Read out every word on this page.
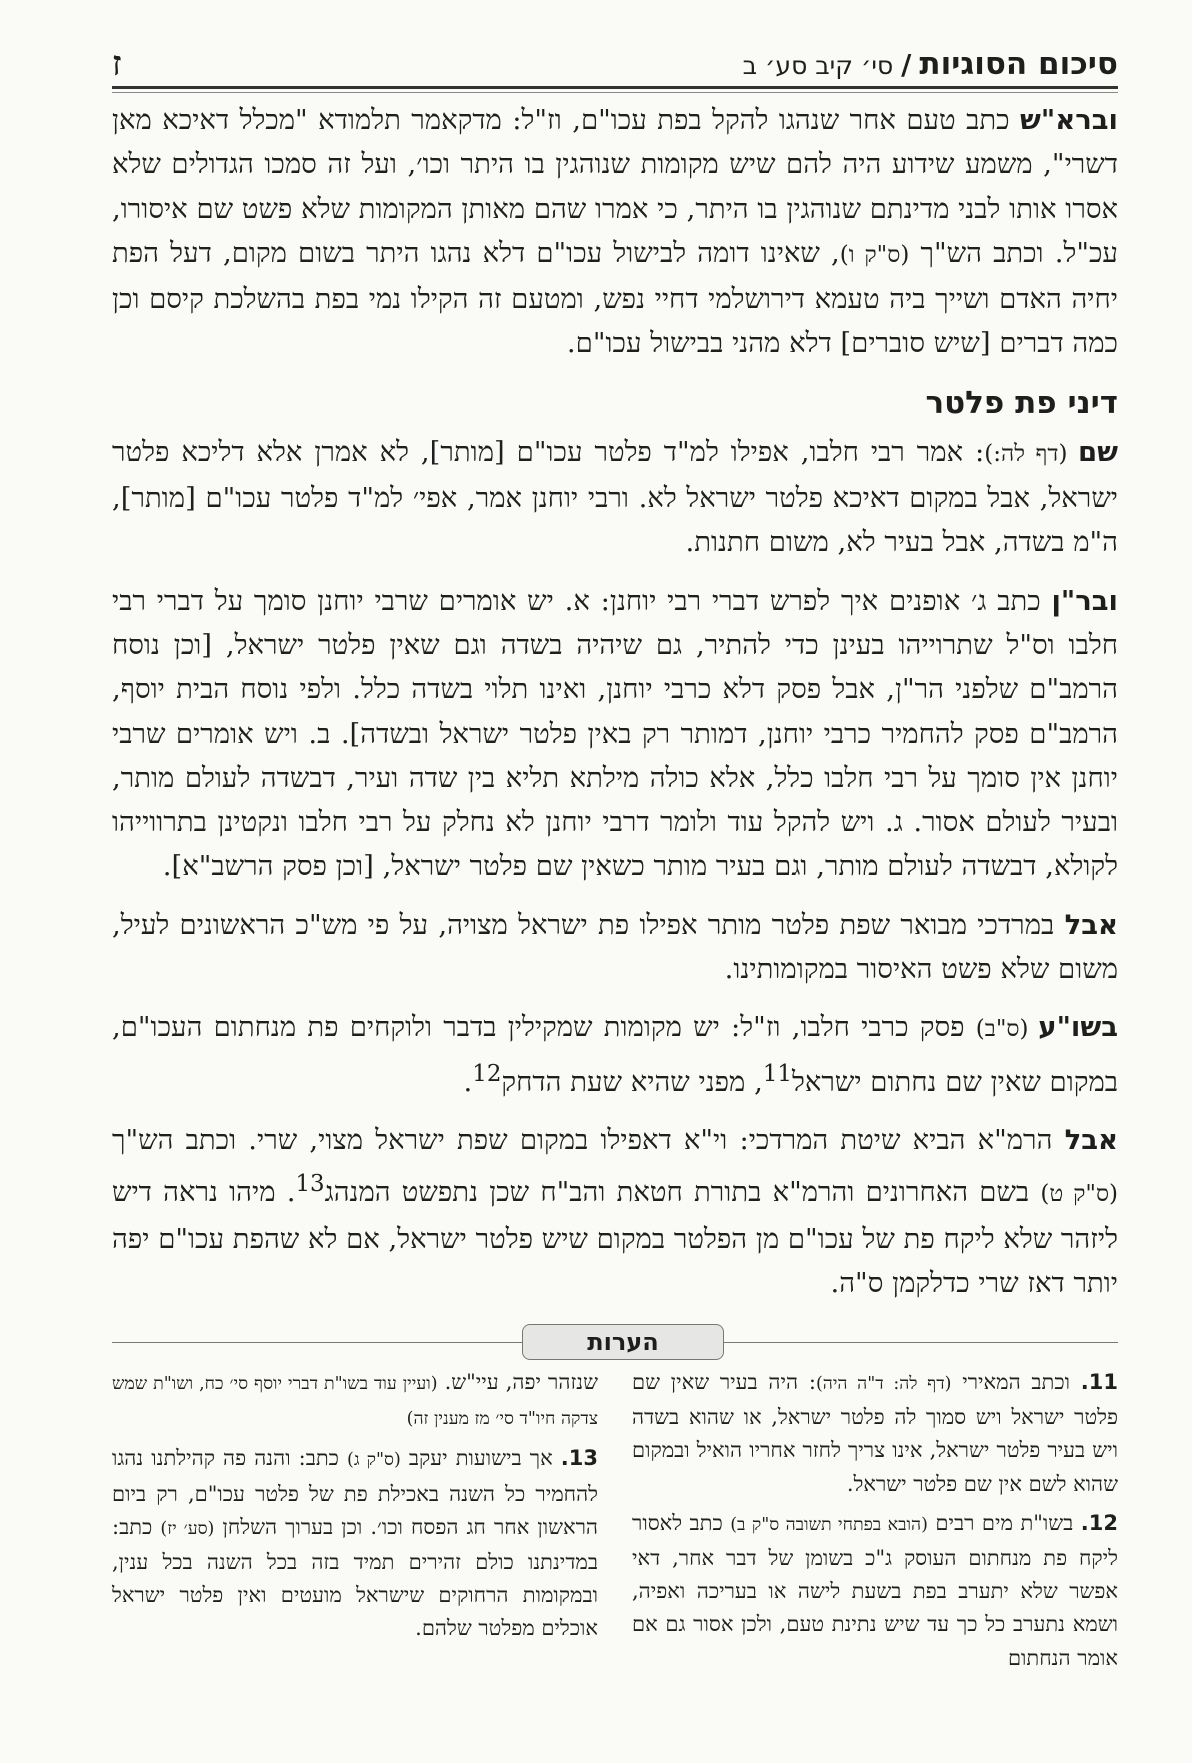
סיכום הסוגיות/סי׳ קיב סע׳ ב
ז

וברא"ש כתב טעם אחר שנהגו להקל בפת עכו"ם, וז"ל: מדקאמר תלמודא "מכלל דאיכא מאן דשרי", משמע שידוע היה להם שיש מקומות שנוהגין בו היתר וכו׳, ועל זה סמכו הגדולים שלא אסרו אותו לבני מדינתם שנוהגין בו היתר, כי אמרו שהם מאותן המקומות שלא פשט שם איסורו, עכ"ל. וכתב הש"ך (ס"ק ו), שאינו דומה לבישול עכו"ם דלא נהגו היתר בשום מקום, דעל הפת יחיה האדם ושייך ביה טעמא דירושלמי דחיי נפש, ומטעם זה הקילו נמי בפת בהשלכת קיסם וכן כמה דברים [שיש סוברים] דלא מהני בבישול עכו"ם.

דיני פת פלטר

שם (דף לה:): אמר רבי חלבו, אפילו למ"ד פלטר עכו"ם [מותר], לא אמרן אלא דליכא פלטר ישראל, אבל במקום דאיכא פלטר ישראל לא. ורבי יוחנן אמר, אפי׳ למ"ד פלטר עכו"ם [מותר], ה"מ בשדה, אבל בעיר לא, משום חתנות.

ובר"ן כתב ג׳ אופנים איך לפרש דברי רבי יוחנן: א. יש אומרים שרבי יוחנן סומך על דברי רבי חלבו וס"ל שתרוייהו בעינן כדי להתיר, גם שיהיה בשדה וגם שאין פלטר ישראל, [וכן נוסח הרמב"ם שלפני הר"ן, אבל פסק דלא כרבי יוחנן, ואינו תלוי בשדה כלל. ולפי נוסח הבית יוסף, הרמב"ם פסק להחמיר כרבי יוחנן, דמותר רק באין פלטר ישראל ובשדה]. ב. ויש אומרים שרבי יוחנן אין סומך על רבי חלבו כלל, אלא כולה מילתא תליא בין שדה ועיר, דבשדה לעולם מותר, ובעיר לעולם אסור. ג. ויש להקל עוד ולומר דרבי יוחנן לא נחלק על רבי חלבו ונקטינן בתרווייהו לקולא, דבשדה לעולם מותר, וגם בעיר מותר כשאין שם פלטר ישראל, [וכן פסק הרשב"א].

אבל במרדכי מבואר שפת פלטר מותר אפילו פת ישראל מצויה, על פי מש"כ הראשונים לעיל, משום שלא פשט האיסור במקומותינו.

בשו"ע (ס"ב) פסק כרבי חלבו, וז"ל: יש מקומות שמקילין בדבר ולוקחים פת מנחתום העכו"ם, במקום שאין שם נחתום ישראל$^{11}$, מפני שהיא שעת הדחק$^{12}$.

אבל הרמ"א הביא שיטת המרדכי: וי"א דאפילו במקום שפת ישראל מצוי, שרי. וכתב הש"ך (ס"ק ט) בשם האחרונים והרמ"א בתורת חטאת והב"ח שכן נתפשט המנהג$^{13}$. מיהו נראה דיש ליזהר שלא ליקח פת של עכו"ם מן הפלטר במקום שיש פלטר ישראל, אם לא שהפת עכו"ם יפה יותר דאז שרי כדלקמן ס"ה.

הערות

11. וכתב המאירי (דף לה: ד"ה היה): היה בעיר שאין שם פלטר ישראל ויש סמוך לה פלטר ישראל, או שהוא בשדה ויש בעיר פלטר ישראל, אינו צריך לחזר אחריו הואיל ובמקום שהוא לשם אין שם פלטר ישראל.

12. בשו"ת מים רבים (הובא בפתחי תשובה ס"ק ב) כתב לאסור ליקח פת מנחתום העוסק ג"כ בשומן של דבר אחר, דאי אפשר שלא יתערב בפת בשעת לישה או בעריכה ואפיה, ושמא נתערב כל כך עד שיש נתינת טעם, ולכן אסור גם אם אומר הנחתום

שנזהר יפה, עיי"ש. (ועיין עוד בשו"ת דברי יוסף סי׳ כח, ושו"ת שמש צדקה חיו"ד סי׳ מז מענין זה)

13. אך בישועות יעקב (ס"ק ג) כתב: והנה פה קהילתנו נהגו להחמיר כל השנה באכילת פת של פלטר עכו"ם, רק ביום הראשון אחר חג הפסח וכו׳. וכן בערוך השלחן (סע׳ יז) כתב: במדינתנו כולם זהירים תמיד בזה בכל השנה בכל ענין, ובמקומות הרחוקים שישראל מועטים ואין פלטר ישראל אוכלים מפלטר שלהם.
